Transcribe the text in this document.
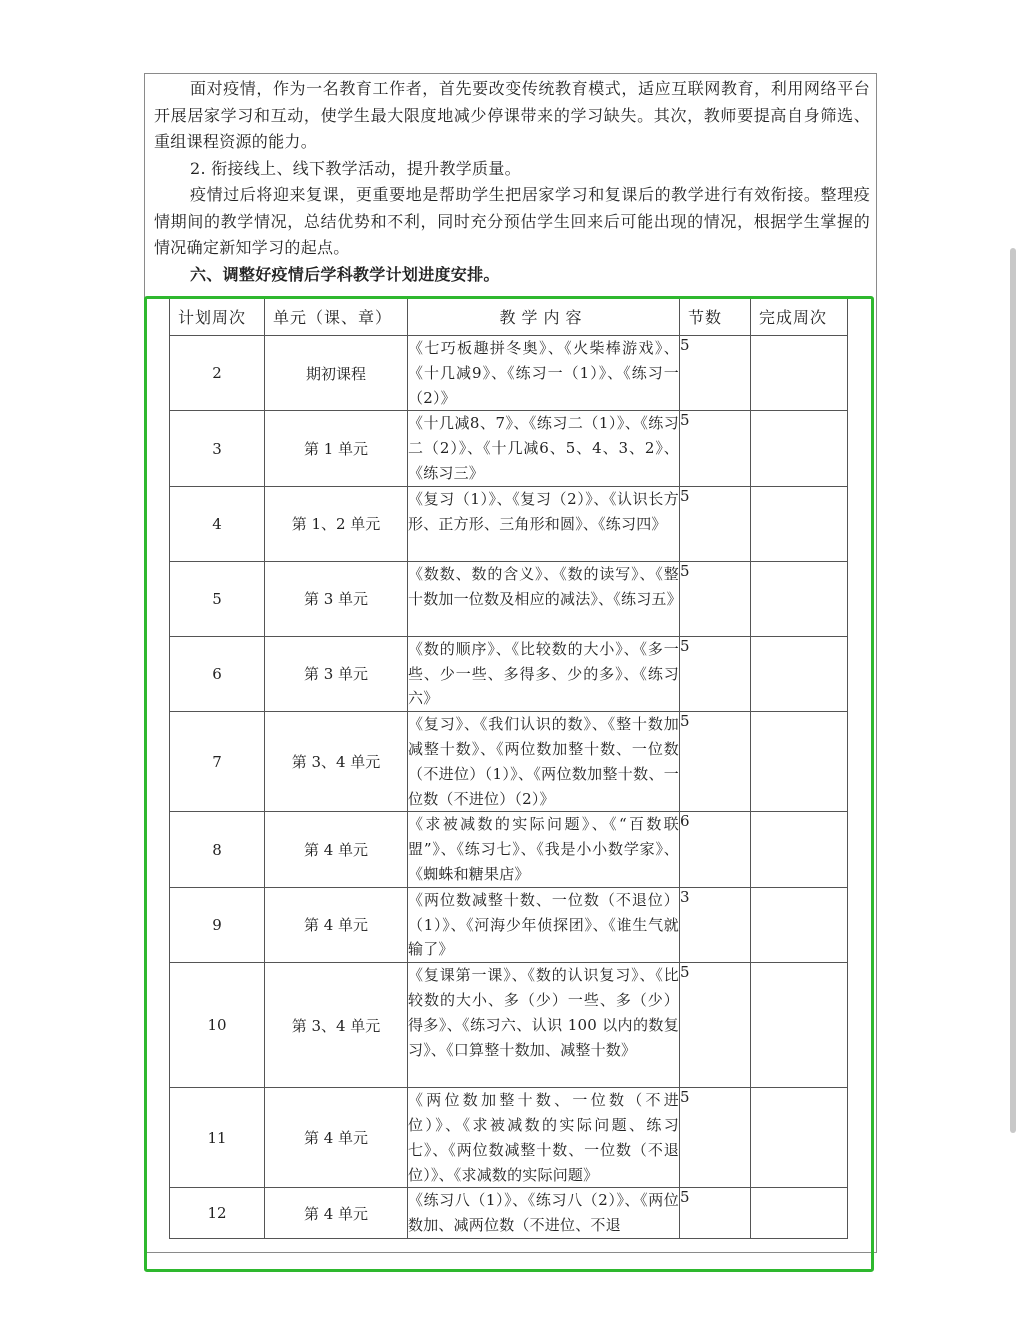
面对疫情，作为一名教育工作者，首先要改变传统教育模式，适应互联网教育，利用网络平台开展居家学习和互动，使学生最大限度地减少停课带来的学习缺失。其次，教师要提高自身筛选、重组课程资源的能力。

2. 衔接线上、线下教学活动，提升教学质量。

疫情过后将迎来复课，更重要地是帮助学生把居家学习和复课后的教学进行有效衔接。整理疫情期间的教学情况，总结优势和不利，同时充分预估学生回来后可能出现的情况，根据学生掌握的情况确定新知学习的起点。

六、调整好疫情后学科教学计划进度安排。

计划周次	单元（课、章）	教学内容	节数	完成周次
2	期初课程	《七巧板趣拼冬奥》、《火柴棒游戏》、《十几减9》、《练习一（1）》、《练习一（2）》	5	
3	第 1 单元	《十几减8、7》、《练习二（1）》、《练习二（2）》、《十几减6、5、4、3、2》、《练习三》	5	
4	第 1、2 单元	《复习（1）》、《复习（2）》、《认识长方形、正方形、三角形和圆》、《练习四》	5	
5	第 3 单元	《数数、数的含义》、《数的读写》、《整十数加一位数及相应的减法》、《练习五》	5	
6	第 3 单元	《数的顺序》、《比较数的大小》、《多一些、少一些、多得多、少的多》、《练习六》	5	
7	第 3、4 单元	《复习》、《我们认识的数》、《整十数加减整十数》、《两位数加整十数、一位数（不进位）（1）》、《两位数加整十数、一位数（不进位）（2）》	5	
8	第 4 单元	《求被减数的实际问题》、《“百数联盟”》、《练习七》、《我是小小数学家》、《蜘蛛和糖果店》	6	
9	第 4 单元	《两位数减整十数、一位数（不退位）（1）》、《河海少年侦探团》、《谁生气就输了》	3	
10	第 3、4 单元	《复课第一课》、《数的认识复习》、《比较数的大小、多（少）一些、多（少）得多》、《练习六、认识 100 以内的数复习》、《口算整十数加、减整十数》	5	
11	第 4 单元	《两位数加整十数、一位数（不进位）》、《求被减数的实际问题、练习七》、《两位数减整十数、一位数（不退位）》、《求减数的实际问题》	5	
12	第 4 单元	《练习八（1）》、《练习八（2）》、《两位数加、减两位数（不进位、不退	5	
